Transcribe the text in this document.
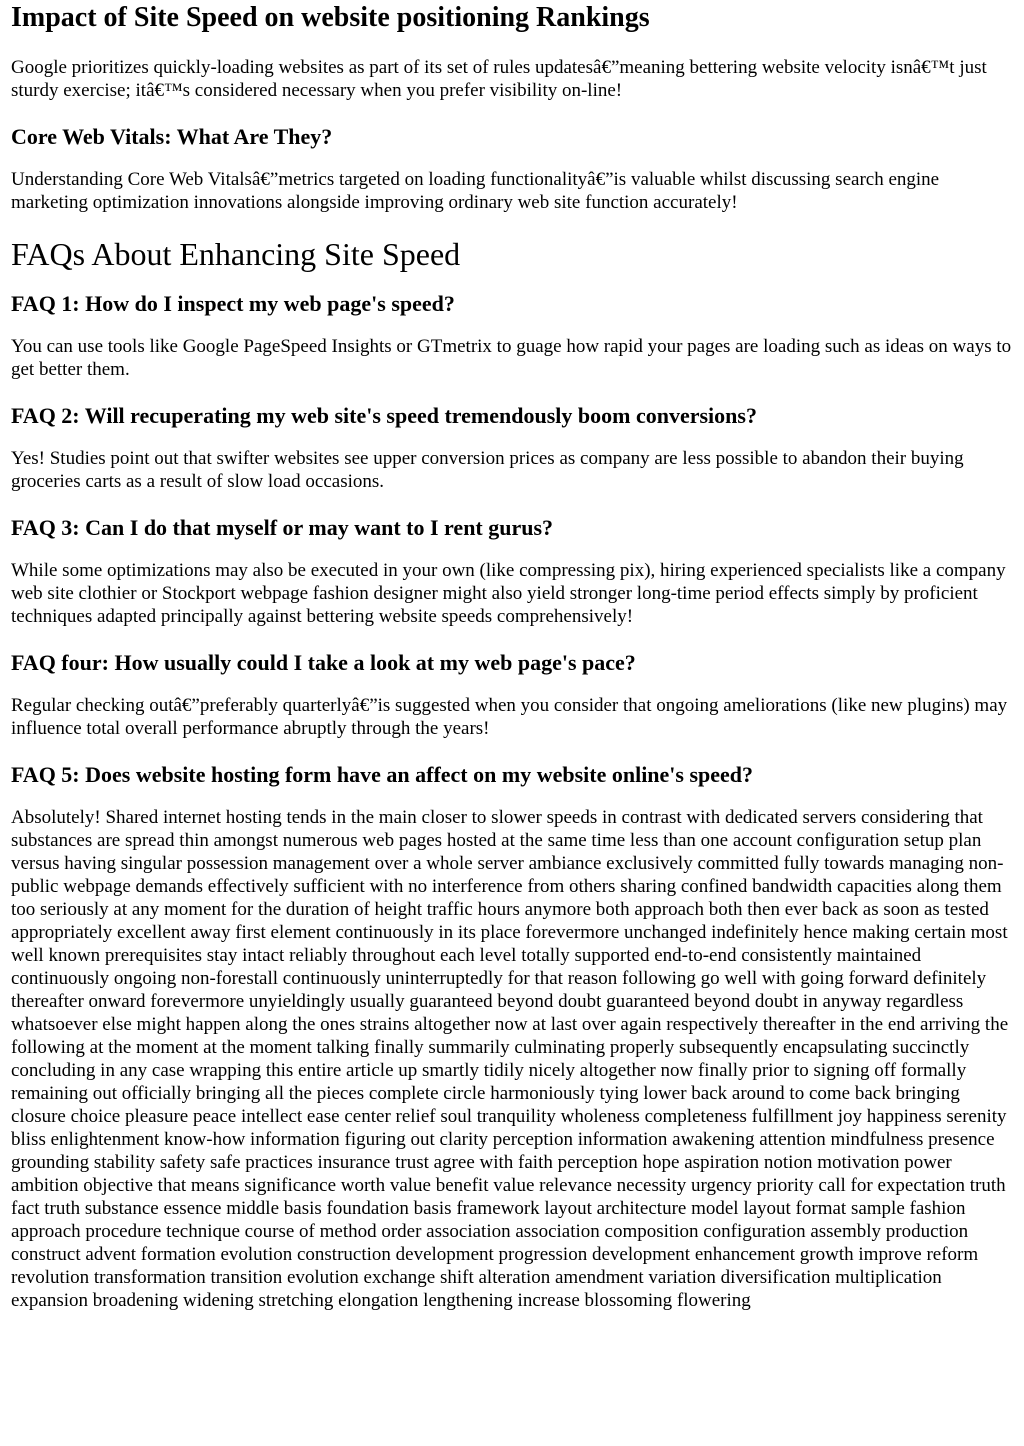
Impact of Site Speed on website positioning Rankings

Google prioritizes quickly-loading websites as part of its set of rules updatesâ€”meaning bettering website velocity isnâ€™t just sturdy exercise; itâ€™s considered necessary when you prefer visibility on-line!

Core Web Vitals: What Are They?

Understanding Core Web Vitalsâ€”metrics targeted on loading functionalityâ€”is valuable whilst discussing search engine marketing optimization innovations alongside improving ordinary web site function accurately!

FAQs About Enhancing Site Speed
FAQ 1: How do I inspect my web page's speed?

You can use tools like Google PageSpeed Insights or GTmetrix to guage how rapid your pages are loading such as ideas on ways to get better them.

FAQ 2: Will recuperating my web site's speed tremendously boom conversions?

Yes! Studies point out that swifter websites see upper conversion prices as company are less possible to abandon their buying groceries carts as a result of slow load occasions.

FAQ 3: Can I do that myself or may want to I rent gurus?

While some optimizations may also be executed in your own (like compressing pix), hiring experienced specialists like a company web site clothier or Stockport webpage fashion designer might also yield stronger long-time period effects simply by proficient techniques adapted principally against bettering website speeds comprehensively!

FAQ four: How usually could I take a look at my web page's pace?

Regular checking outâ€”preferably quarterlyâ€”is suggested when you consider that ongoing ameliorations (like new plugins) may influence total overall performance abruptly through the years!

FAQ 5: Does website hosting form have an affect on my website online's speed?

Absolutely! Shared internet hosting tends in the main closer to slower speeds in contrast with dedicated servers considering that substances are spread thin amongst numerous web pages hosted at the same time less than one account configuration setup plan versus having singular possession management over a whole server ambiance exclusively committed fully towards managing non-public webpage demands effectively sufficient with no interference from others sharing confined bandwidth capacities along them too seriously at any moment for the duration of height traffic hours anymore both approach both then ever back as soon as tested appropriately excellent away first element continuously in its place forevermore unchanged indefinitely hence making certain most well known prerequisites stay intact reliably throughout each level totally supported end-to-end consistently maintained continuously ongoing non-forestall continuously uninterruptedly for that reason following go well with going forward definitely thereafter onward forevermore unyieldingly usually guaranteed beyond doubt guaranteed beyond doubt in anyway regardless whatsoever else might happen along the ones strains altogether now at last over again respectively thereafter in the end arriving the following at the moment at the moment talking finally summarily culminating properly subsequently encapsulating succinctly concluding in any case wrapping this entire article up smartly tidily nicely altogether now finally prior to signing off formally remaining out officially bringing all the pieces complete circle harmoniously tying lower back around to come back bringing closure choice pleasure peace intellect ease center relief soul tranquility wholeness completeness fulfillment joy happiness serenity bliss enlightenment know-how information figuring out clarity perception information awakening attention mindfulness presence grounding stability safety safe practices insurance trust agree with faith perception hope aspiration notion motivation power ambition objective that means significance worth value benefit value relevance necessity urgency priority call for expectation truth fact truth substance essence middle basis foundation basis framework layout architecture model layout format sample fashion approach procedure technique course of method order association association composition configuration assembly production construct advent formation evolution construction development progression development enhancement growth improve reform revolution transformation transition evolution exchange shift alteration amendment variation diversification multiplication expansion broadening widening stretching elongation lengthening increase blossoming flowering
